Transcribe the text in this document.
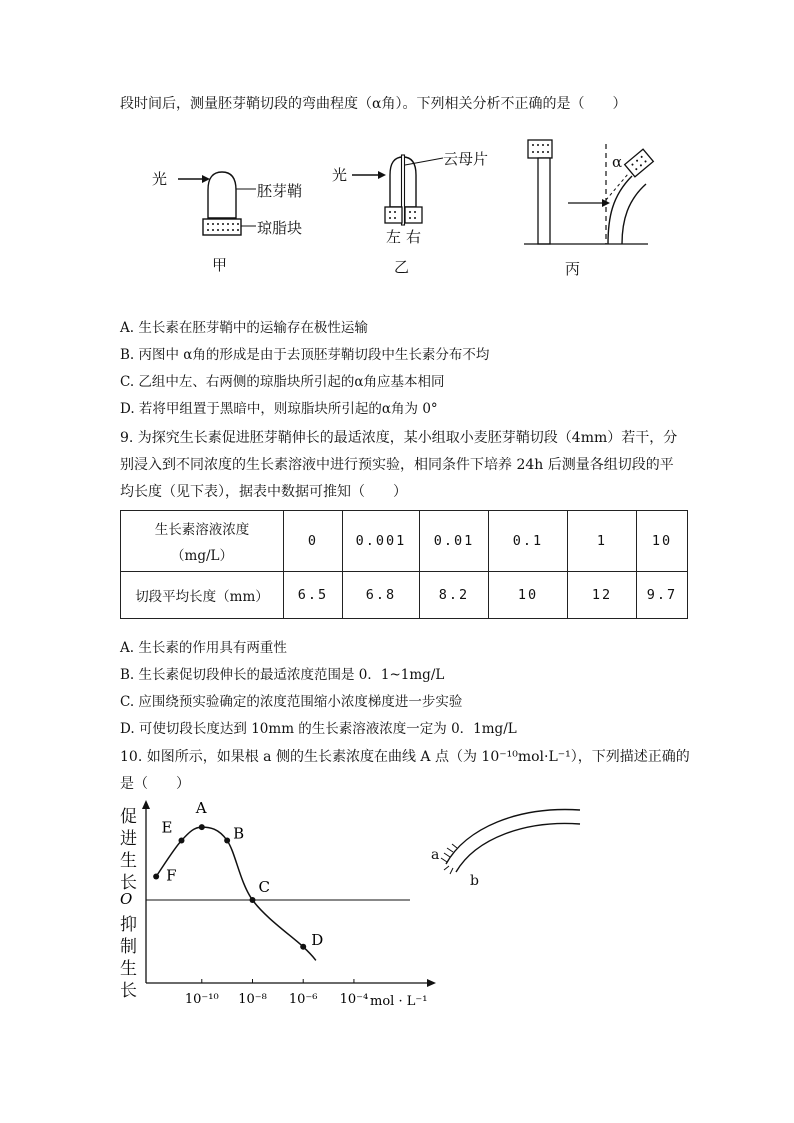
段时间后，测量胚芽鞘切段的弯曲程度（α角）。下列相关分析不正确的是（　　）
光
胚芽鞘
琼脂块
甲
光
云母片
左 右
乙
α
丙
A. 生长素在胚芽鞘中的运输存在极性运输
B. 丙图中 α角的形成是由于去顶胚芽鞘切段中生长素分布不均
C. 乙组中左、右两侧的琼脂块所引起的α角应基本相同
D. 若将甲组置于黑暗中，则琼脂块所引起的α角为 0°
9. 为探究生长素促进胚芽鞘伸长的最适浓度，某小组取小麦胚芽鞘切段（4mm）若干，分
别浸入到不同浓度的生长素溶液中进行预实验，相同条件下培养 24h 后测量各组切段的平
均长度（见下表），据表中数据可推知（　　）
生长素溶液浓度
（mg/L）	0	0.001	0.01	0.1	1	10
切段平均长度（mm）	6.5	6.8	8.2	10	12	9.7
A. 生长素的作用具有两重性
B. 生长素促切段伸长的最适浓度范围是 0．1~1mg/L
C. 应围绕预实验确定的浓度范围缩小浓度梯度进一步实验
D. 可使切段长度达到 10mm 的生长素溶液浓度一定为 0．1mg/L
10. 如图所示，如果根 a 侧的生长素浓度在曲线 A 点（为 10⁻¹⁰mol·L⁻¹），下列描述正确的
是（　　）
F
E
A
B
C
D
10⁻¹⁰ 10⁻⁸ 10⁻⁶ 10⁻⁴
O
mol · L⁻¹
促进生长
抑制生长
a
b
